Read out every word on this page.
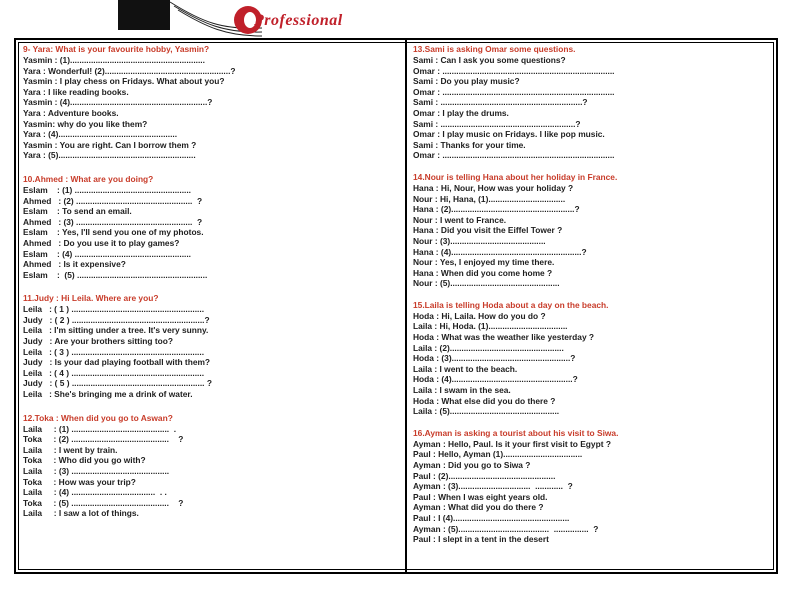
Professional
9- Yara: What is your favourite hobby, Yasmin?
Yasmin : (1)..........................................................
Yara : Wonderful! (2)......................................................?
Yasmin : I play chess on Fridays. What about you?
Yara : I like reading books.
Yasmin : (4)...........................................................?
Yara : Adventure books.
Yasmin: why do you like them?
Yara : (4)...................................................
Yasmin : You are right. Can I borrow them ?
Yara : (5)...........................................................
10.Ahmed : What are you doing?
Eslam    : (1) ..................................................
Ahmed   : (2) ..................................................  ?
Eslam    : To send an email.
Ahmed   : (3) ..................................................  ?
Eslam    : Yes, I'll send you one of my photos.
Ahmed   : Do you use it to play games?
Eslam    : (4) ..................................................
Ahmed   : Is it expensive?
Eslam    :  (5) ........................................................
11.Judy : Hi Leila. Where are you?
Leila   : ( 1 ) .........................................................
Judy   : ( 2 ) .........................................................?
Leila   : I'm sitting under a tree. It's very sunny.
Judy   : Are your brothers sitting too?
Leila   : ( 3 ) .........................................................
Judy   : Is your dad playing football with them?
Leila   : ( 4 ) .........................................................
Judy   : ( 5 ) ......................................................... ?
Leila   : She's bringing me a drink of water.
12.Toka : When did you go to Aswan?
Laila     : (1) ..........................................  .
Toka     : (2) ..........................................    ?
Laila     : I went by train.
Toka     : Who did you go with?
Laila     : (3) ..........................................
Toka     : How was your trip?
Laila     : (4) ....................................  . .
Toka     : (5) ..........................................    ?
Laila     : I saw a lot of things.
13.Sami is asking Omar some questions.
Sami : Can I ask you some questions?
Omar : ..........................................................................
Sami : Do you play music?
Omar : ..........................................................................
Sami : .............................................................?
Omar : I play the drums.
Sami : ..........................................................?
Omar : I play music on Fridays. I like pop music.
Sami : Thanks for your time.
Omar : ..........................................................................
14.Nour is telling Hana about her holiday in France.
Hana : Hi, Nour, How was your holiday ?
Nour : Hi, Hana, (1).................................
Hana : (2).....................................................?
Nour : I went to France.
Hana : Did you visit the Eiffel Tower ?
Nour : (3).........................................
Hana : (4)........................................................?
Nour : Yes, I enjoyed my time there.
Hana : When did you come home ?
Nour : (5)...............................................
15.Laila is telling Hoda about a day on the beach.
Hoda : Hi, Laila. How do you do ?
Laila : Hi, Hoda. (1)..................................
Hoda : What was the weather like yesterday ?
Laila : (2).................................................
Hoda : (3)...................................................?
Laila : I went to the beach.
Hoda : (4)....................................................?
Laila : I swam in the sea.
Hoda : What else did you do there ?
Laila : (5)...............................................
16.Ayman is asking a tourist about his visit to Siwa.
Ayman : Hello, Paul. Is it your first visit to Egypt ?
Paul : Hello, Ayman (1)..................................
Ayman : Did you go to Siwa ?
Paul : (2)..............................................
Ayman : (3)...............................  ............  ?
Paul : When I was eight years old.
Ayman : What did you do there ?
Paul : I (4)..................................................
Ayman : (5).......................................  ...............  ?
Paul : I slept in a tent in the desert
